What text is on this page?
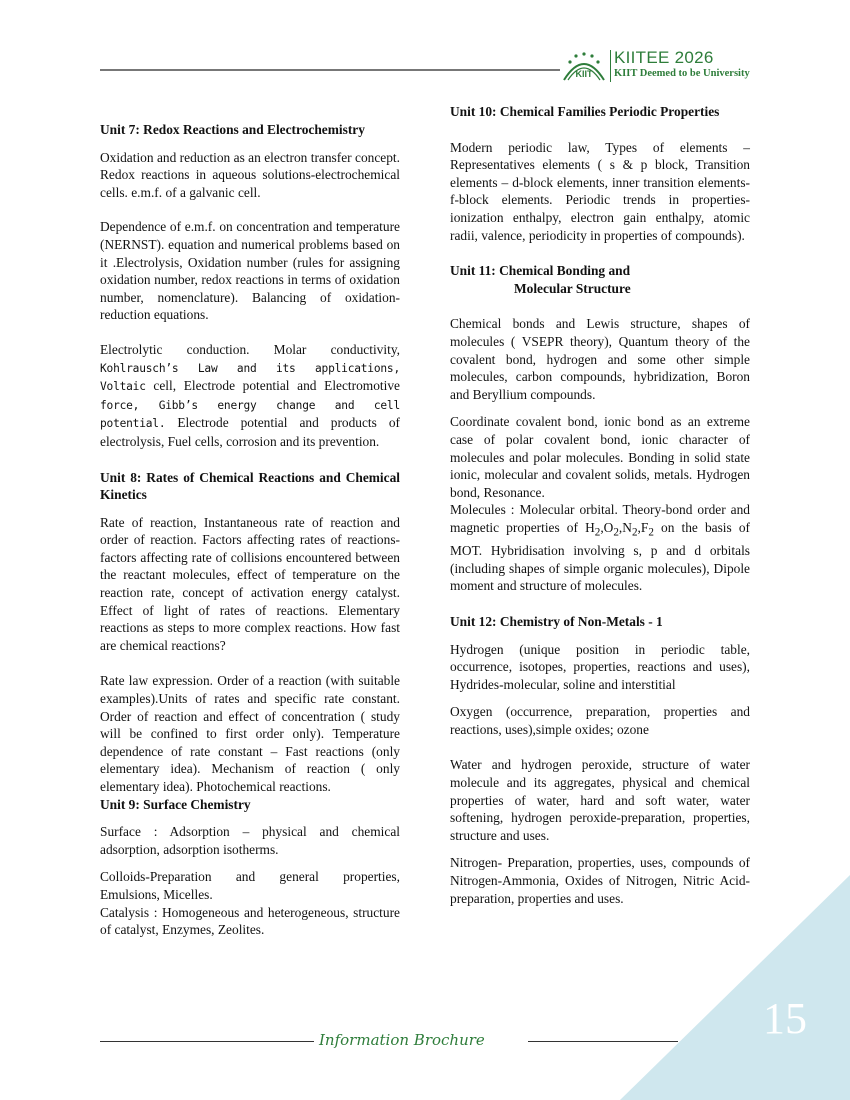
KIIT
KIITEE 2026
KIIT Deemed to be University
Unit 7: Redox Reactions and Electrochemistry

Oxidation and reduction as an electron transfer concept. Redox reactions in aqueous solutions-electrochemical cells. e.m.f. of a galvanic cell.

Dependence of e.m.f. on concentration and temperature (NERNST). equation and numerical problems based on it .Electrolysis, Oxidation number (rules for assigning oxidation number, redox reactions in terms of oxidation number, nomenclature). Balancing of oxidation-reduction equations.

Electrolytic conduction. Molar conductivity, Kohlrausch’s Law and its applications, Voltaic cell, Electrode potential and Electromotive force, Gibb’s energy change and cell potential. Electrode potential and products of electrolysis, Fuel cells, corrosion and its prevention.

Unit 8: Rates of Chemical Reactions and Chemical Kinetics

Rate of reaction, Instantaneous rate of reaction and order of reaction. Factors affecting rates of reactions- factors affecting rate of collisions encountered between the reactant molecules, effect of temperature on the reaction rate, concept of activation energy catalyst. Effect of light of rates of reactions. Elementary reactions as steps to more complex reactions. How fast are chemical reactions?

Rate law expression. Order of a reaction (with suitable examples).Units of rates and specific rate constant. Order of reaction and effect of concentration ( study will be confined to first order only). Temperature dependence of rate constant – Fast reactions (only elementary idea). Mechanism of reaction ( only elementary idea). Photochemical reactions.

Unit 9: Surface Chemistry

Surface : Adsorption – physical and chemical adsorption, adsorption isotherms.

Colloids-Preparation and general properties, Emulsions, Micelles.

Catalysis : Homogeneous and heterogeneous, structure of catalyst, Enzymes, Zeolites.

Unit 10: Chemical Families Periodic Properties

Modern periodic law, Types of elements – Representatives elements ( s & p block, Transition elements – d-block elements, inner transition elements-f-block elements. Periodic trends in properties-ionization enthalpy, electron gain enthalpy, atomic radii, valence, periodicity in properties of compounds).

Unit 11: Chemical Bonding and
Molecular Structure

Chemical bonds and Lewis structure, shapes of molecules ( VSEPR theory), Quantum theory of the covalent bond, hydrogen and some other simple molecules, carbon compounds, hybridization, Boron and Beryllium compounds.

Coordinate covalent bond, ionic bond as an extreme case of polar covalent bond, ionic character of molecules and polar molecules. Bonding in solid state ionic, molecular and covalent solids, metals. Hydrogen bond, Resonance.

Molecules : Molecular orbital. Theory-bond order and magnetic properties of $H_2,O_2,N_2,F_2$ on the basis of MOT. Hybridisation involving s, p and d orbitals (including shapes of simple organic molecules), Dipole moment and structure of molecules.

Unit 12: Chemistry of Non-Metals - 1

Hydrogen (unique position in periodic table, occurrence, isotopes, properties, reactions and uses), Hydrides-molecular, soline and interstitial

Oxygen (occurrence, preparation, properties and reactions, uses),simple oxides; ozone

Water and hydrogen peroxide, structure of water molecule and its aggregates, physical and chemical properties of water, hard and soft water, water softening, hydrogen peroxide-preparation, properties, structure and uses.

Nitrogen- Preparation, properties, uses, compounds of Nitrogen-Ammonia, Oxides of Nitrogen, Nitric Acid-preparation, properties and uses.

15
Information Brochure
